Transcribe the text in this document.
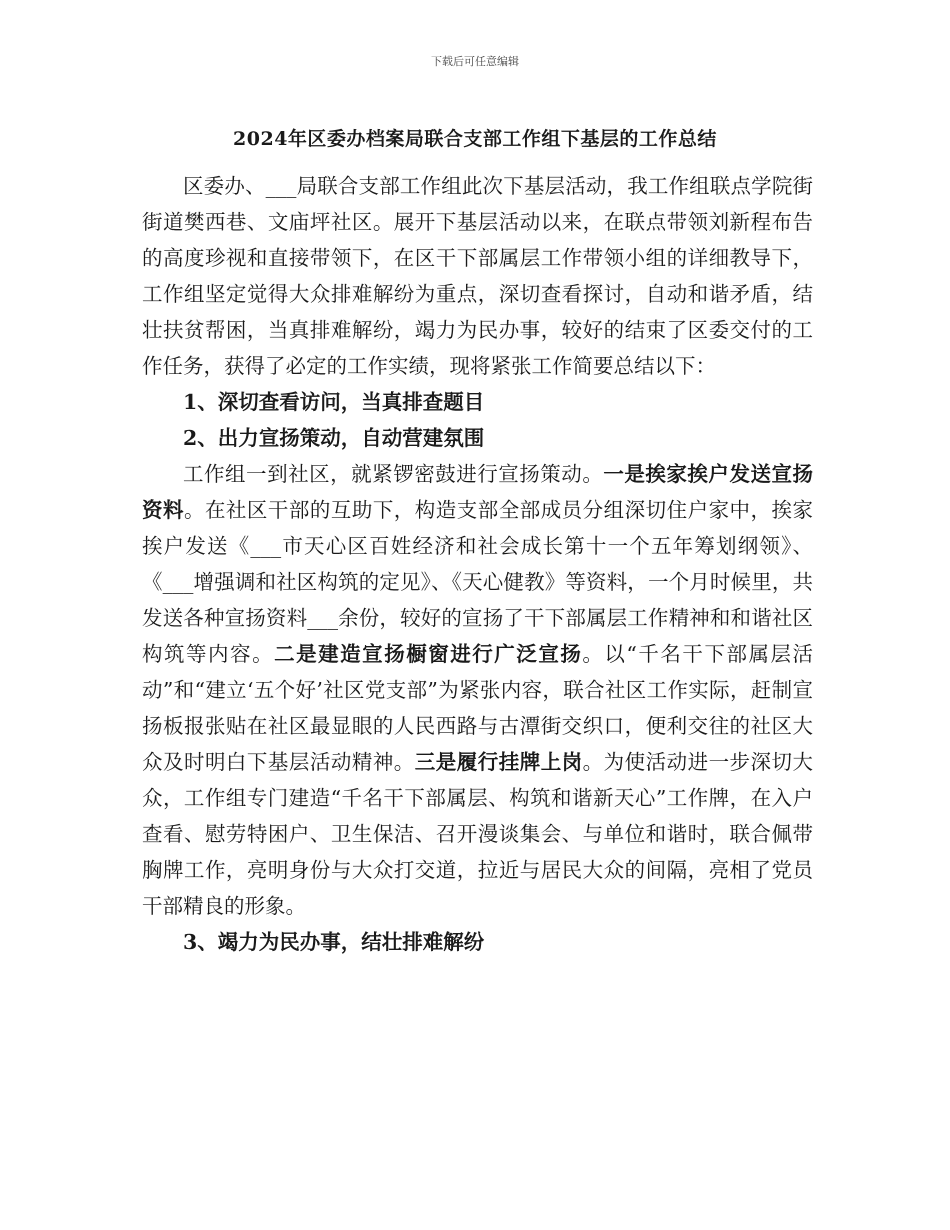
下载后可任意编辑
2024年区委办档案局联合支部工作组下基层的工作总结

区委办、___局联合支部工作组此次下基层活动，我工作组联点学院街街道樊西巷、文庙坪社区。展开下基层活动以来，在联点带领刘新程布告的高度珍视和直接带领下，在区干下部属层工作带领小组的详细教导下，工作组坚定觉得大众排难解纷为重点，深切查看探讨，自动和谐矛盾，结壮扶贫帮困，当真排难解纷，竭力为民办事，较好的结束了区委交付的工作任务，获得了必定的工作实绩，现将紧张工作简要总结以下：

1、深切查看访问，当真排查题目

2、出力宣扬策动，自动营建氛围

工作组一到社区，就紧锣密鼓进行宣扬策动。一是挨家挨户发送宣扬资料。在社区干部的互助下，构造支部全部成员分组深切住户家中，挨家挨户发送《___市天心区百姓经济和社会成长第十一个五年筹划纲领》、《___增强调和社区构筑的定见》、《天心健教》等资料，一个月时候里，共发送各种宣扬资料___余份，较好的宣扬了干下部属层工作精神和和谐社区构筑等内容。二是建造宣扬橱窗进行广泛宣扬。以“千名干下部属层活动”和“建立‘五个好’社区党支部”为紧张内容，联合社区工作实际，赶制宣扬板报张贴在社区最显眼的人民西路与古潭街交织口，便利交往的社区大众及时明白下基层活动精神。三是履行挂牌上岗。为使活动进一步深切大众，工作组专门建造“千名干下部属层、构筑和谐新天心”工作牌，在入户查看、慰劳特困户、卫生保洁、召开漫谈集会、与单位和谐时，联合佩带胸牌工作，亮明身份与大众打交道，拉近与居民大众的间隔，亮相了党员干部精良的形象。

3、竭力为民办事，结壮排难解纷
